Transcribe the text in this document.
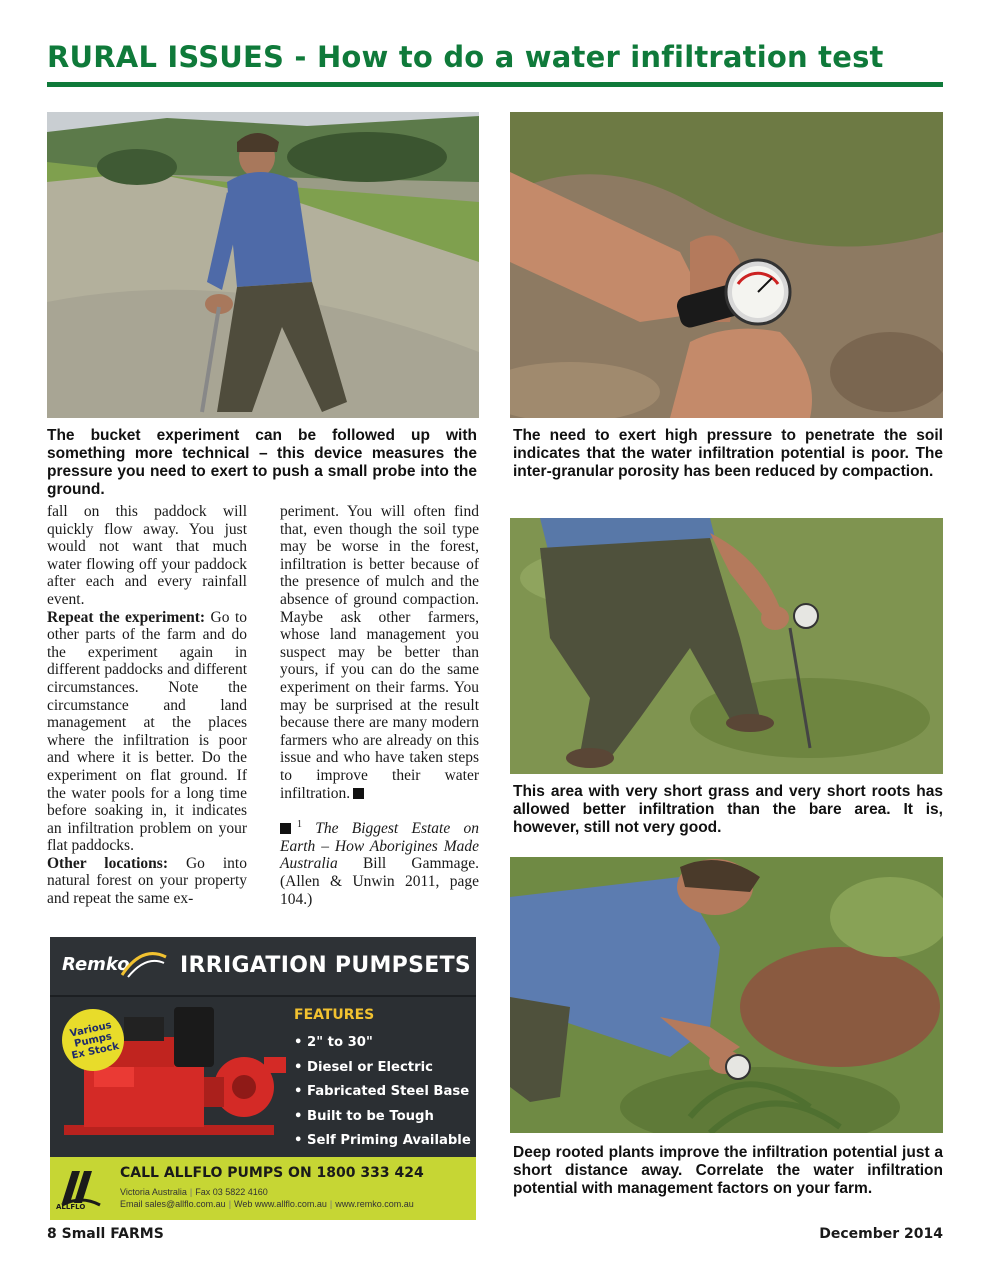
RURAL ISSUES - How to do a water infiltration test
The bucket experiment can be followed up with something more technical – this device measures the pressure you need to exert to push a small probe into the ground.
The need to exert high pressure to penetrate the soil indicates that the water infiltration potential is poor. The inter-granular porosity has been reduced by compaction.
This area with very short grass and very short roots has allowed better infiltration than the bare area. It is, however, still not very good.
Deep rooted plants improve the infiltration potential just a short distance away. Correlate the water infiltration potential with management factors on your farm.

fall on this paddock will quickly flow away. You just would not want that much water flowing off your paddock after each and every rainfall event.

Repeat the experiment: Go to other parts of the farm and do the experiment again in different paddocks and different circumstances. Note the circumstance and land management at the places where the infiltration is poor and where it is better. Do the experiment on flat ground. If the water pools for a long time before soaking in, it indicates an infiltration problem on your flat paddocks.

Other locations: Go into natural forest on your property and repeat the same ex-

periment. You will often find that, even though the soil type may be worse in the forest, infiltration is better because of the presence of mulch and the absence of ground compaction. Maybe ask other farmers, whose land management you suspect may be better than yours, if you can do the same experiment on their farms. You may be surprised at the result because there are many modern farmers who are already on this issue and who have taken steps to improve their water infiltration.

$^1$ The Biggest Estate on Earth – How Aborigines Made Australia Bill Gammage. (Allen & Unwin 2011, page 104.)

Remko IRRIGATION PUMPSETS
Various Pumps Ex Stock
FEATURES
• 2" to 30"
• Diesel or Electric
• Fabricated Steel Base
• Built to be Tough
• Self Priming Available
ALLFLO
CALL ALLFLO PUMPS ON 1800 333 424
Victoria Australia | Fax 03 5822 4160
Email sales@allflo.com.au | Web www.allflo.com.au | www.remko.com.au
8 Small FARMS	December 2014
